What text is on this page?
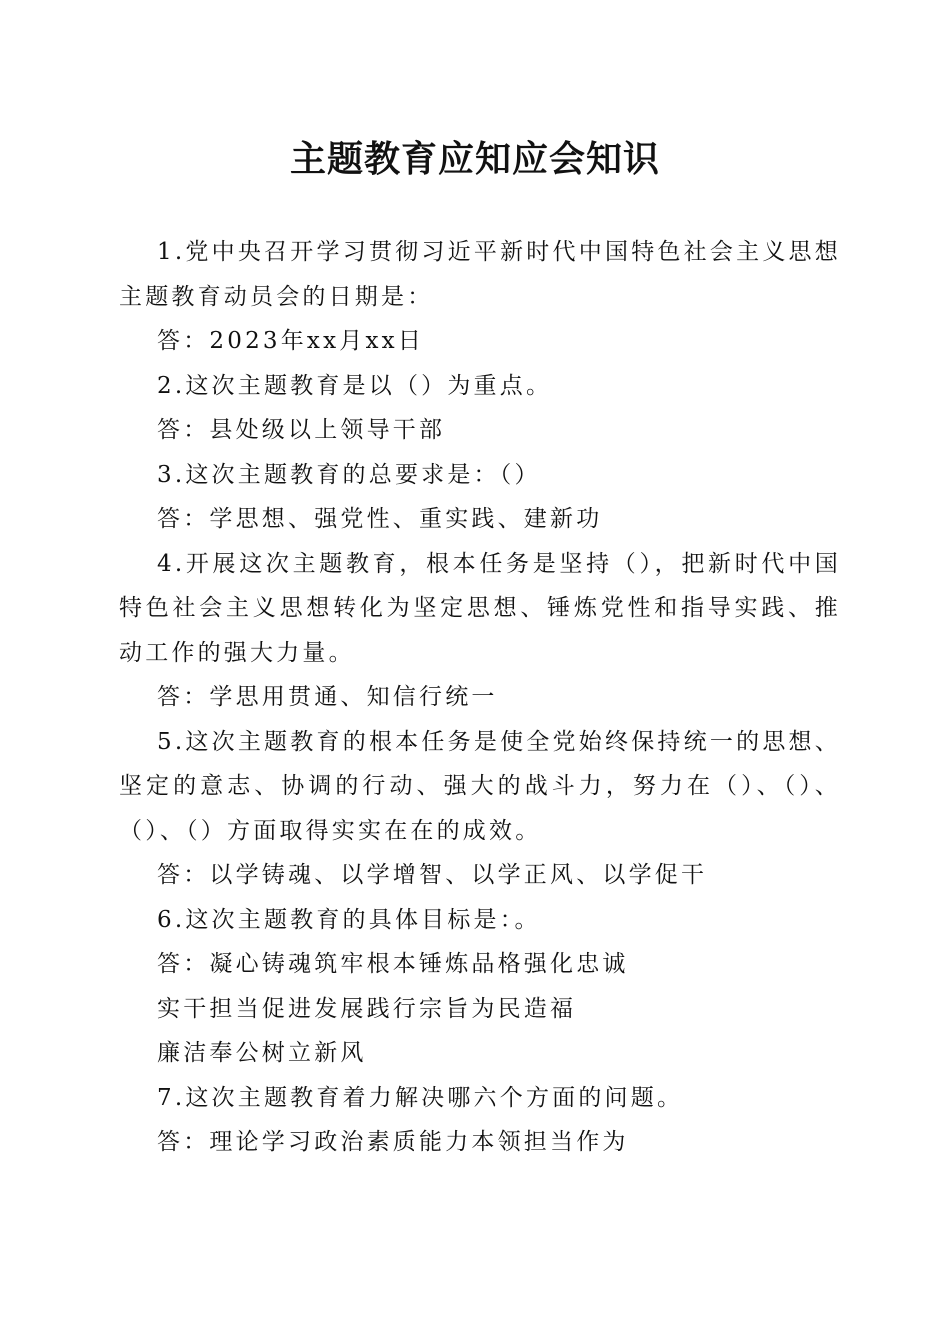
主题教育应知应会知识

1.党中央召开学习贯彻习近平新时代中国特色社会主义思想主题教育动员会的日期是：

答：2023年xx月xx日

2.这次主题教育是以（）为重点。

答：县处级以上领导干部

3.这次主题教育的总要求是：（）

答：学思想、强党性、重实践、建新功

4.开展这次主题教育，根本任务是坚持（），把新时代中国特色社会主义思想转化为坚定思想、锤炼党性和指导实践、推动工作的强大力量。

答：学思用贯通、知信行统一

5.这次主题教育的根本任务是使全党始终保持统一的思想、坚定的意志、协调的行动、强大的战斗力，努力在（）、（）、（）、（）方面取得实实在在的成效。

答：以学铸魂、以学增智、以学正风、以学促干

6.这次主题教育的具体目标是：。

答：凝心铸魂筑牢根本锤炼品格强化忠诚

实干担当促进发展践行宗旨为民造福

廉洁奉公树立新风

7.这次主题教育着力解决哪六个方面的问题。

答：理论学习政治素质能力本领担当作为
